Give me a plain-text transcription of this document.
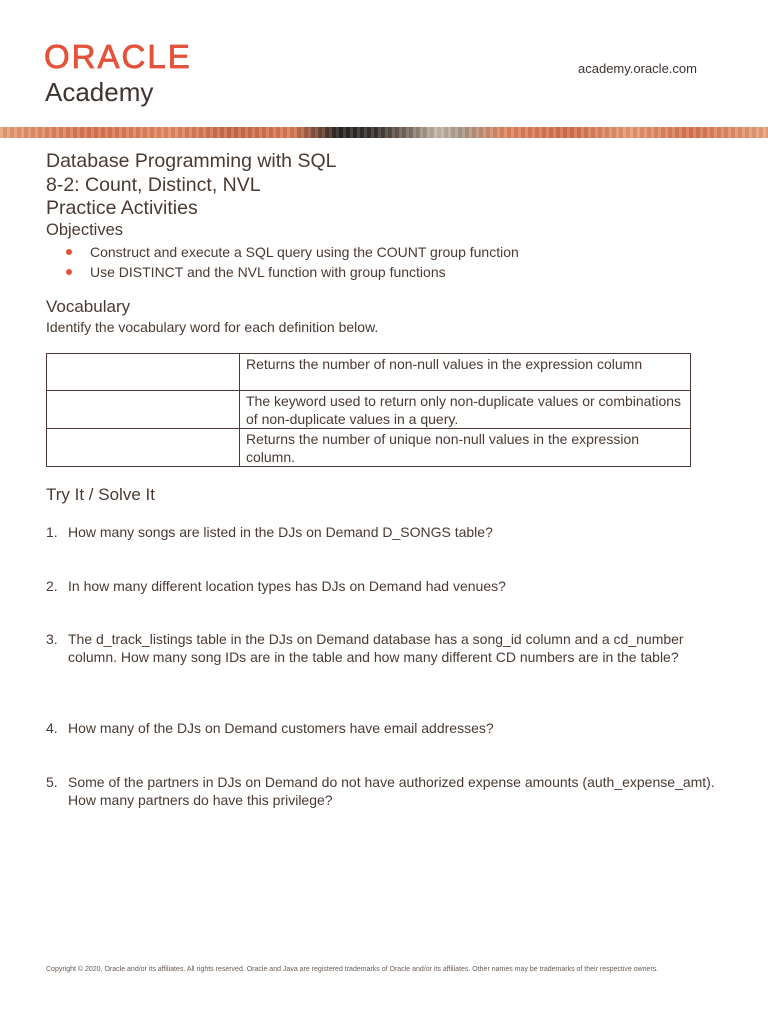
ORACLE
Academy
academy.oracle.com
Database Programming with SQL
8-2: Count, Distinct, NVL
Practice Activities
Objectives
Construct and execute a SQL query using the COUNT group function
Use DISTINCT and the NVL function with group functions
Vocabulary
Identify the vocabulary word for each definition below.
	Returns the number of non-null values in the expression column
	The keyword used to return only non-duplicate values or combinations of non-duplicate values in a query.
	Returns the number of unique non-null values in the expression column.
Try It / Solve It
1. How many songs are listed in the DJs on Demand D_SONGS table?
2. In how many different location types has DJs on Demand had venues?
3. The d_track_listings table in the DJs on Demand database has a song_id column and a cd_number column. How many song IDs are in the table and how many different CD numbers are in the table?
4. How many of the DJs on Demand customers have email addresses?
5. Some of the partners in DJs on Demand do not have authorized expense amounts (auth_expense_amt). How many partners do have this privilege?
Copyright © 2020, Oracle and/or its affiliates. All rights reserved. Oracle and Java are registered trademarks of Oracle and/or its affiliates. Other names may be trademarks of their respective owners.
